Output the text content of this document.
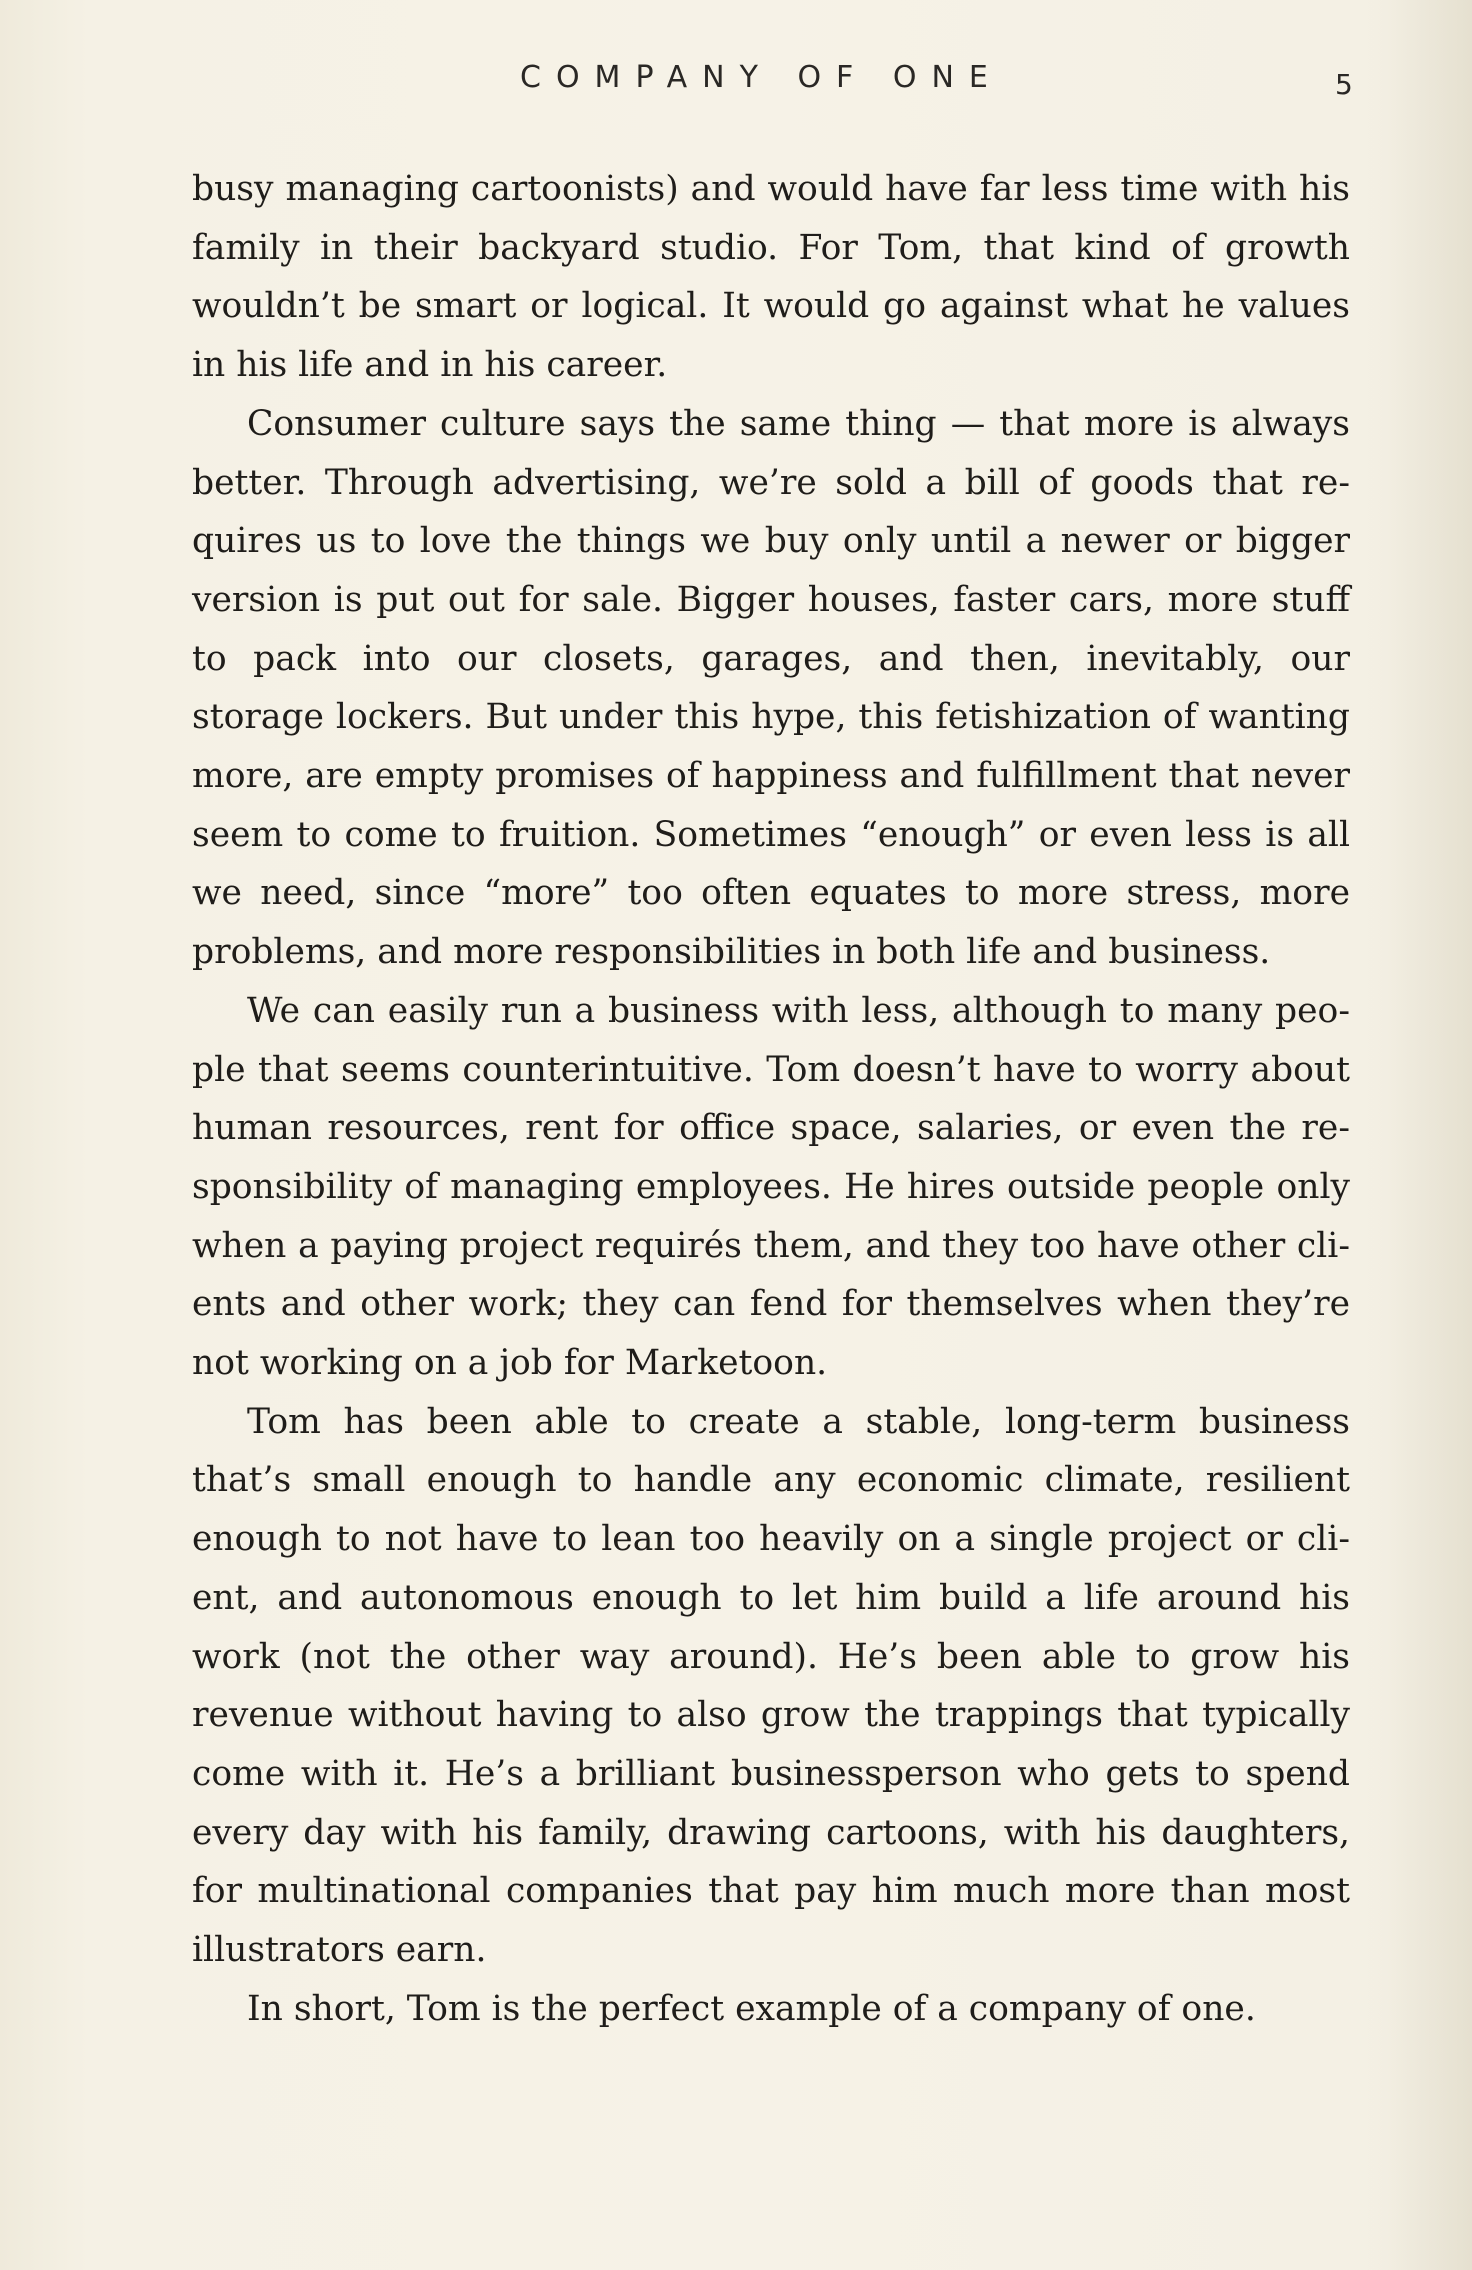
COMPANY OF ONE	5

busy managing cartoonists) and would have far less time with his family in their backyard studio. For Tom, that kind of growth wouldn’t be smart or logical. It would go against what he values in his life and in his career.

Consumer culture says the same thing — that more is always better. Through advertising, we’re sold a bill of goods that requires us to love the things we buy only until a newer or bigger version is put out for sale. Bigger houses, faster cars, more stuff to pack into our closets, garages, and then, inevitably, our storage lockers. But under this hype, this fetishization of wanting more, are empty promises of happiness and fulfillment that never seem to come to fruition. Sometimes “enough” or even less is all we need, since “more” too often equates to more stress, more problems, and more responsibilities in both life and business.

We can easily run a business with less, although to many people that seems counterintuitive. Tom doesn’t have to worry about human resources, rent for office space, salaries, or even the responsibility of managing employees. He hires outside people only when a paying project requirés them, and they too have other clients and other work; they can fend for themselves when they’re not working on a job for Marketoon.

Tom has been able to create a stable, long-term business that’s small enough to handle any economic climate, resilient enough to not have to lean too heavily on a single project or client, and autonomous enough to let him build a life around his work (not the other way around). He’s been able to grow his revenue without having to also grow the trappings that typically come with it. He’s a brilliant businessperson who gets to spend every day with his family, drawing cartoons, with his daughters, for multinational companies that pay him much more than most illustrators earn.

In short, Tom is the perfect example of a company of one.
